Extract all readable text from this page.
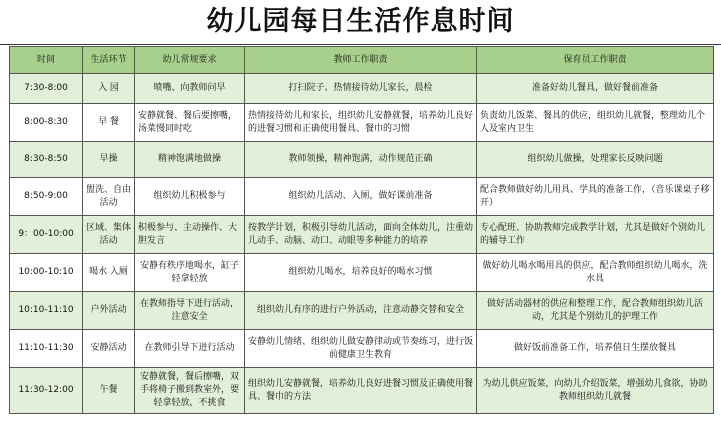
幼儿园每日生活作息时间
时间	生活环节	幼儿常规要求	教师工作职责	保育员工作职责
7:30-8:00	入 园	喷嘴、向教师问早	打扫院子、热情接待幼儿家长，晨检	准备好幼儿餐具，做好餐前准备
8:00-8:30	早 餐	安静就餐、餐后要擦嘴，汤菜慢同时吃	热情接待幼儿和家长，组织幼儿安静就餐，培养幼儿良好的进餐习惯和正确使用餐具、餐巾的习惯	负责幼儿饭菜、餐具的供应，组织幼儿就餐，整理幼儿个人及室内卫生
8:30-8:50	早操	精神饱满地做操	教师领操，精神饱满，动作规范正确	组织幼儿做操，处理家长反映问题
8:50-9:00	盥洗、自由活动	组织幼儿积极参与	组织幼儿活动、入厕，做好课前准备	配合教师做好幼儿用具、学具的准备工作，（音乐课桌子移开）
9：00-10:00	区域、集体活动	积极参与、主动操作、大胆发言	按教学计划，积极引导幼儿活动，面向全体幼儿，注重幼儿动手、动脑、动口、动眼等多种能力的培养	专心配班、协助教师完成教学计划，尤其是做好个别幼儿的辅导工作
10:00-10:10	喝水 入厕	安静有秩序地喝水，缸子轻拿轻放	组织幼儿喝水，培养良好的喝水习惯	做好幼儿喝水喝用具的供应，配合教师组织幼儿喝水，洗水具
10:10-11:10	户外活动	在教师指导下进行活动，注意安全	组织幼儿有序的进行户外活动，注意动静交替和安全	做好活动器材的供应和整理工作，配合教师组织幼儿活动，尤其是个别幼儿的护理工作
11:10-11:30	安静活动	在教师引导下进行活动	安静幼儿情绪、组织幼儿做安静律动或节奏练习，进行饭前健康卫生教育	做好饭前准备工作，培养值日生摆放餐具
11:30-12:00	午餐	安静就餐，餐后擦嘴，双手将椅子搬到教室外，要轻拿轻放，不挑食	组织幼儿安静就餐，培养幼儿良好进餐习惯及正确使用餐具、餐巾的方法	为幼儿供应饭菜，向幼儿介绍饭菜，增强幼儿食欲，协助教师组织幼儿就餐
